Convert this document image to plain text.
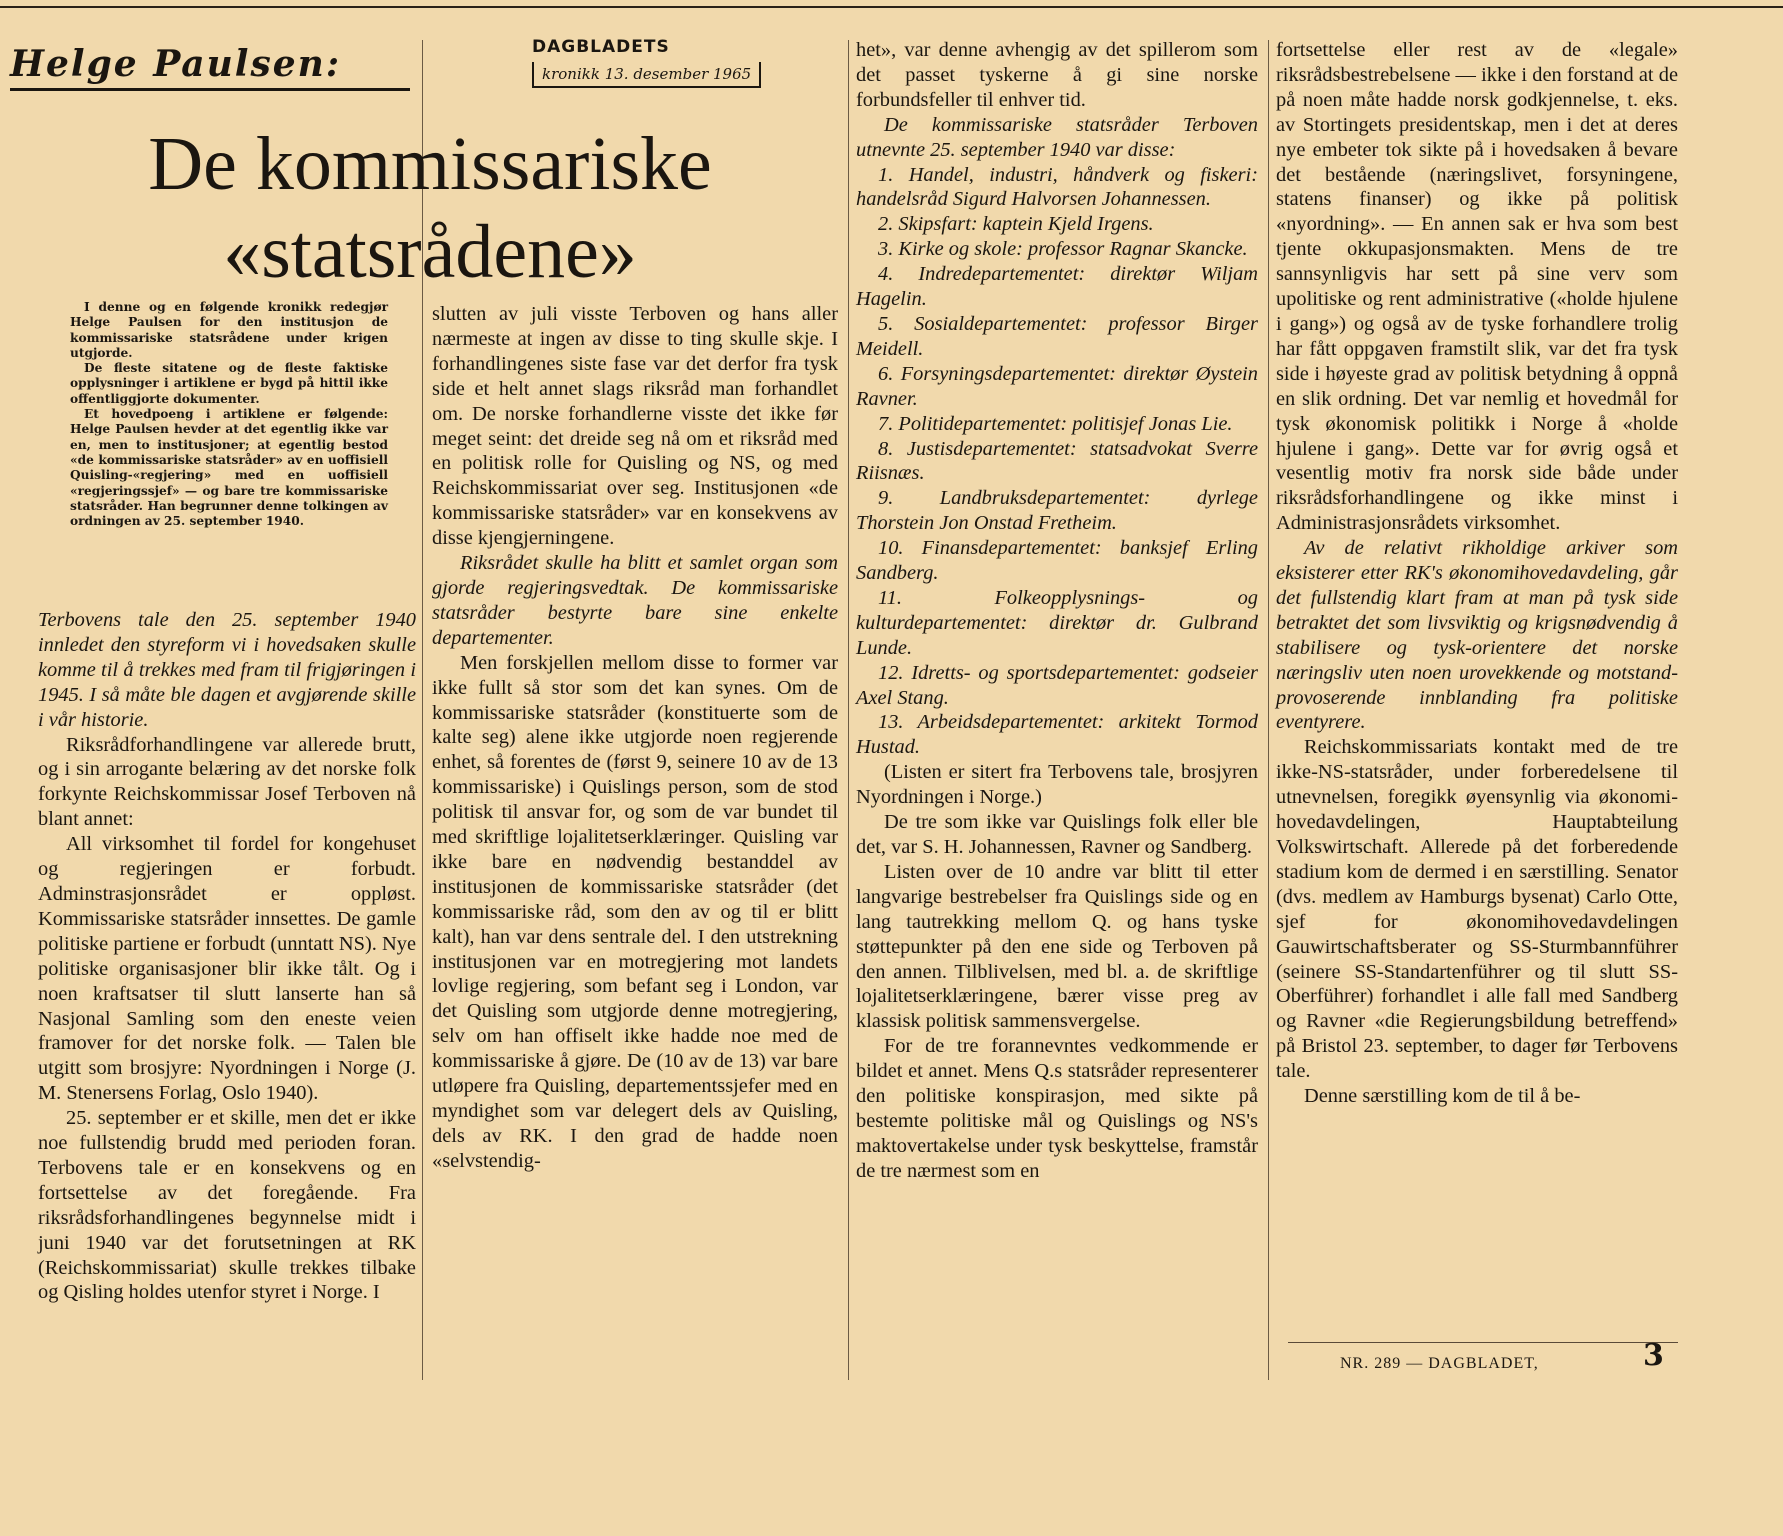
Helge Paulsen:	DAGBLADETS
kronikk 13. desember 1965
De kommissariske
«statsrådene»

I denne og en følgende kronikk redegjør Helge Paulsen for den institusjon de kommissariske statsrådene under krigen utgjorde.

De fleste sitatene og de fleste faktiske opplysninger i artiklene er bygd på hittil ikke offentliggjorte dokumenter.

Et hovedpoeng i artiklene er følgende: Helge Paulsen hevder at det egentlig ikke var en, men to institusjoner; at egentlig bestod «de kommissariske statsråder» av en uoffisiell Quisling-«regjering» med en uoffisiell «regjeringssjef» — og bare tre kommissariske statsråder. Han begrunner denne tolkingen av ordningen av 25. september 1940.

Terbovens tale den 25. september 1940 innledet den styreform vi i hovedsaken skulle komme til å trekkes med fram til frigjøringen i 1945. I så måte ble dagen et avgjørende skille i vår historie.

Riksrådforhandlingene var allerede brutt, og i sin arrogante belæring av det norske folk forkynte Reichskommissar Josef Terboven nå blant annet:

All virksomhet til fordel for kongehuset og regjeringen er forbudt. Adminstrasjonsrådet er oppløst. Kommissariske statsråder innsettes. De gamle politiske partiene er forbudt (unntatt NS). Nye politiske organisasjoner blir ikke tålt. Og i noen kraftsatser til slutt lanserte han så Nasjonal Samling som den eneste veien framover for det norske folk. — Talen ble utgitt som brosjyre: Nyordningen i Norge (J. M. Stenersens Forlag, Oslo 1940).

25. september er et skille, men det er ikke noe fullstendig brudd med perioden foran. Terbovens tale er en konsekvens og en fortsettelse av det foregående. Fra riksrådsforhandlingenes begynnelse midt i juni 1940 var det forutsetningen at RK (Reichskommissariat) skulle trekkes tilbake og Qisling holdes utenfor styret i Norge. I

slutten av juli visste Terboven og hans aller nærmeste at ingen av disse to ting skulle skje. I forhandlingenes siste fase var det derfor fra tysk side et helt annet slags riksråd man forhandlet om. De norske forhandlerne visste det ikke før meget seint: det dreide seg nå om et riksråd med en politisk rolle for Quisling og NS, og med Reichskommissariat over seg. Institusjonen «de kommissariske statsråder» var en konsekvens av disse kjengjerningene.

Riksrådet skulle ha blitt et samlet organ som gjorde regjeringsvedtak. De kommissariske statsråder bestyrte bare sine enkelte departementer.

Men forskjellen mellom disse to former var ikke fullt så stor som det kan synes. Om de kommissariske statsråder (konstituerte som de kalte seg) alene ikke utgjorde noen regjerende enhet, så forentes de (først 9, seinere 10 av de 13 kommissariske) i Quislings person, som de stod politisk til ansvar for, og som de var bundet til med skriftlige lojalitetserklæringer. Quisling var ikke bare en nødvendig bestanddel av institusjonen de kommissariske statsråder (det kommissariske råd, som den av og til er blitt kalt), han var dens sentrale del. I den utstrekning institusjonen var en motregjering mot landets lovlige regjering, som befant seg i London, var det Quisling som utgjorde denne motregjering, selv om han offiselt ikke hadde noe med de kommissariske å gjøre. De (10 av de 13) var bare utløpere fra Quisling, departementssjefer med en myndighet som var delegert dels av Quisling, dels av RK. I den grad de hadde noen «selvstendig-

het», var denne avhengig av det spillerom som det passet tyskerne å gi sine norske forbundsfeller til enhver tid.

De kommissariske statsråder Terboven utnevnte 25. september 1940 var disse:

1. Handel, industri, håndverk og fiskeri: handelsråd Sigurd Halvorsen Johannessen.

2. Skipsfart: kaptein Kjeld Irgens.

3. Kirke og skole: professor Ragnar Skancke.

4. Indredepartementet: direktør Wiljam Hagelin.

5. Sosialdepartementet: professor Birger Meidell.

6. Forsyningsdepartementet: direktør Øystein Ravner.

7. Politidepartementet: politisjef Jonas Lie.

8. Justisdepartementet: statsadvokat Sverre Riisnæs.

9. Landbruksdepartementet: dyrlege Thorstein Jon Onstad Fretheim.

10. Finansdepartementet: banksjef Erling Sandberg.

11. Folkeopplysnings- og kulturdepartementet: direktør dr. Gulbrand Lunde.

12. Idretts- og sportsdepartementet: godseier Axel Stang.

13. Arbeidsdepartementet: arkitekt Tormod Hustad.

(Listen er sitert fra Terbovens tale, brosjyren Nyordningen i Norge.)

De tre som ikke var Quislings folk eller ble det, var S. H. Johannessen, Ravner og Sandberg.

Listen over de 10 andre var blitt til etter langvarige bestrebelser fra Quislings side og en lang tautrekking mellom Q. og hans tyske støttepunkter på den ene side og Terboven på den annen. Tilblivelsen, med bl. a. de skriftlige lojalitetserklæringene, bærer visse preg av klassisk politisk sammensvergelse.

For de tre forannevntes vedkommende er bildet et annet. Mens Q.s statsråder representerer den politiske konspirasjon, med sikte på bestemte politiske mål og Quislings og NS's maktovertakelse under tysk beskyttelse, framstår de tre nærmest som en

fortsettelse eller rest av de «legale» riksrådsbestrebelsene — ikke i den forstand at de på noen måte hadde norsk godkjennelse, t. eks. av Stortingets presidentskap, men i det at deres nye embeter tok sikte på i hovedsaken å bevare det bestående (næringslivet, forsyningene, statens finanser) og ikke på politisk «nyordning». — En annen sak er hva som best tjente okkupasjonsmakten. Mens de tre sannsynligvis har sett på sine verv som upolitiske og rent administrative («holde hjulene i gang») og også av de tyske forhandlere trolig har fått oppgaven framstilt slik, var det fra tysk side i høyeste grad av politisk betydning å oppnå en slik ordning. Det var nemlig et hovedmål for tysk økonomisk politikk i Norge å «holde hjulene i gang». Dette var for øvrig også et vesentlig motiv fra norsk side både under riksrådsforhandlingene og ikke minst i Administrasjonsrådets virksomhet.

Av de relativt rikholdige arkiver som eksisterer etter RK's økonomihovedavdeling, går det fullstendig klart fram at man på tysk side betraktet det som livsviktig og krigsnødvendig å stabilisere og tysk-orientere det norske næringsliv uten noen urovekkende og motstand-provoserende innblanding fra politiske eventyrere.

Reichskommissariats kontakt med de tre ikke-NS-statsråder, under forberedelsene til utnevnelsen, foregikk øyensynlig via økonomi-hovedavdelingen, Hauptabteilung Volkswirtschaft. Allerede på det forberedende stadium kom de dermed i en særstilling. Senator (dvs. medlem av Hamburgs bysenat) Carlo Otte, sjef for økonomihovedavdelingen Gauwirtschaftsberater og SS-Sturmbannführer (seinere SS-Standartenführer og til slutt SS-Oberführer) forhandlet i alle fall med Sandberg og Ravner «die Regierungsbildung betreffend» på Bristol 23. september, to dager før Terbovens tale.

Denne særstilling kom de til å be-

NR. 289 — DAGBLADET,	3
